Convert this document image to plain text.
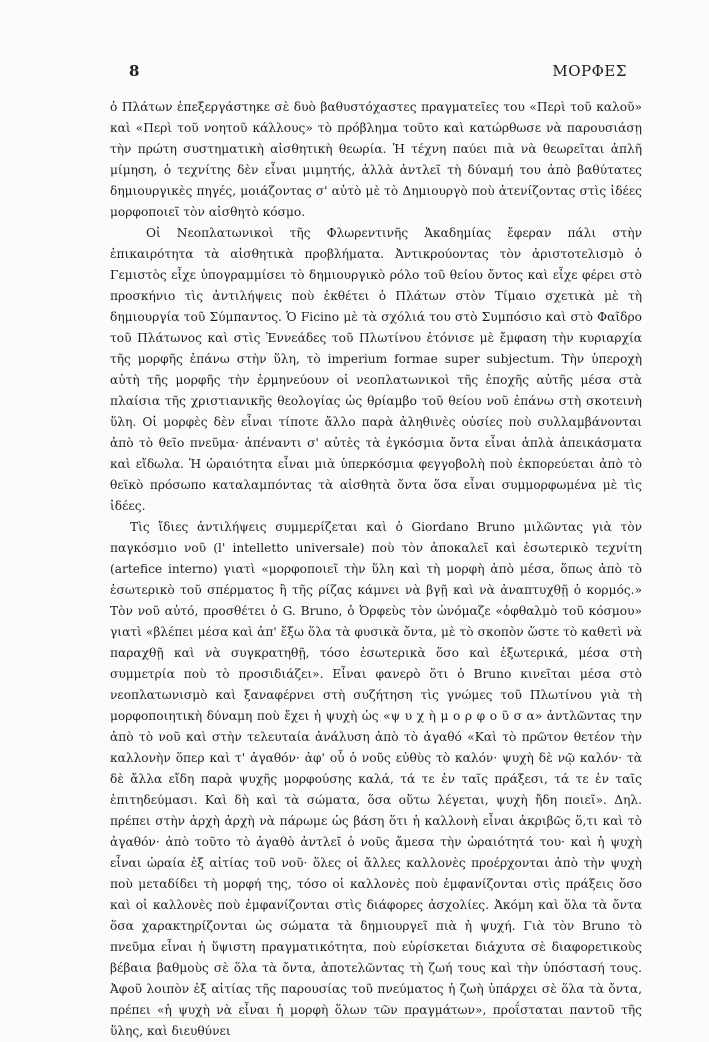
8	ΜΟΡΦΕΣ

ὁ Πλάτων ἐπεξεργάστηκε σὲ δυὸ βαθυστόχαστες πραγματεῖες του «Περὶ τοῦ καλοῦ» καὶ «Περὶ τοῦ νοητοῦ κάλλους» τὸ πρόβλημα τοῦτο καὶ κατώρθωσε νὰ παρουσιάσῃ τὴν πρώτη συστηματικὴ αἰσθητικὴ θεωρία. Ἡ τέχνη παύει πιὰ νὰ θεωρεῖται ἁπλῆ μίμηση, ὁ τεχνίτης δὲν εἶναι μιμητής, ἀλλὰ ἀντλεῖ τὴ δύναμή του ἀπὸ βαθύτατες δημιουργικὲς πηγές, μοιάζοντας σ' αὐτὸ μὲ τὸ Δημιουργὸ ποὺ ἀτενίζοντας στὶς ἰδέες μορφοποιεῖ τὸν αἰσθητὸ κόσμο.

Οἱ Νεοπλατωνικοὶ τῆς Φλωρεντινῆς Ἀκαδημίας ἔφεραν πάλι στὴν ἐπικαιρότητα τὰ αἰσθητικὰ προβλήματα. Ἀντικρούοντας τὸν ἀριστοτελισμὸ ὁ Γεμιστὸς εἶχε ὑπογραμμίσει τὸ δημιουργικὸ ρόλο τοῦ θείου ὄντος καὶ εἶχε φέρει στὸ προσκήνιο τὶς ἀντιλήψεις ποὺ ἐκθέτει ὁ Πλάτων στὸν Τίμαιο σχετικὰ μὲ τὴ δημιουργία τοῦ Σύμπαντος. Ὁ Ficino μὲ τὰ σχόλιά του στὸ Συμπόσιο καὶ στὸ Φαῖδρο τοῦ Πλάτωνος καὶ στὶς Ἐννεάδες τοῦ Πλωτίνου ἐτόνισε μὲ ἔμφαση τὴν κυριαρχία τῆς μορφῆς ἐπάνω στὴν ὕλη, τὸ imperium formae super subjectum. Τὴν ὑπεροχὴ αὐτὴ τῆς μορφῆς τὴν ἑρμηνεύουν οἱ νεοπλατωνικοὶ τῆς ἐποχῆς αὐτῆς μέσα στὰ πλαίσια τῆς χριστιανικῆς θεολογίας ὡς θρίαμβο τοῦ θείου νοῦ ἐπάνω στὴ σκοτεινὴ ὕλη. Οἱ μορφὲς δὲν εἶναι τίποτε ἄλλο παρὰ ἀληθινὲς οὐσίες ποὺ συλλαμβάνονται ἀπὸ τὸ θεῖο πνεῦμα· ἀπέναντι σ' αὐτὲς τὰ ἐγκόσμια ὄντα εἶναι ἁπλὰ ἀπεικάσματα καὶ εἴδωλα. Ἡ ὡραιότητα εἶναι μιὰ ὑπερκόσμια φεγγοβολὴ ποὺ ἐκπορεύεται ἀπὸ τὸ θεϊκὸ πρόσωπο καταλαμπόντας τὰ αἰσθητὰ ὄντα ὅσα εἶναι συμμορφωμένα μὲ τὶς ἰδέες.

Τὶς ἴδιες ἀντιλήψεις συμμερίζεται καὶ ὁ Giordano Bruno μιλῶντας γιὰ τὸν παγκόσμιο νοῦ (l' intelletto universale) ποὺ τὸν ἀποκαλεῖ καὶ ἐσωτερικὸ τεχνίτη (artefice interno) γιατὶ «μορφοποιεῖ τὴν ὕλη καὶ τὴ μορφὴ ἀπὸ μέσα, ὅπως ἀπὸ τὸ ἐσωτερικὸ τοῦ σπέρματος ἢ τῆς ρίζας κάμνει νὰ βγῇ καὶ νὰ ἀναπτυχθῇ ὁ κορμός.» Τὸν νοῦ αὐτό, προσθέτει ὁ G. Bruno, ὁ Ὀρφεὺς τὸν ὠνόμαζε «ὀφθαλμὸ τοῦ κόσμου» γιατὶ «βλέπει μέσα καὶ ἀπ' ἔξω ὅλα τὰ φυσικὰ ὄντα, μὲ τὸ σκοπὸν ὥστε τὸ καθετὶ νὰ παραχθῇ καὶ νὰ συγκρατηθῇ, τόσο ἐσωτερικὰ ὅσο καὶ ἐξωτερικά, μέσα στὴ συμμετρία ποὺ τὸ προσιδιάζει». Εἶναι φανερὸ ὅτι ὁ Bruno κινεῖται μέσα στὸ νεοπλατωνισμὸ καὶ ξαναφέρνει στὴ συζήτηση τὶς γνώμες τοῦ Πλωτίνου γιὰ τὴ μορφοποιητικὴ δύναμη ποὺ ἔχει ἡ ψυχὴ ὡς «ψ υ χ ὴ μ ο ρ φ ο ῦ σ α» ἀντλῶντας την ἀπὸ τὸ νοῦ καὶ στὴν τελευταία ἀνάλυση ἀπὸ τὸ ἀγαθό «Καὶ τὸ πρῶτον θετέον τὴν καλλονὴν ὅπερ καὶ τ' ἀγαθόν· ἀφ' οὗ ὁ νοῦς εὐθὺς τὸ καλόν· ψυχὴ δὲ νῷ καλόν· τὰ δὲ ἄλλα εἴδη παρὰ ψυχῆς μορφούσης καλά, τά τε ἐν ταῖς πράξεσι, τά τε ἐν ταῖς ἐπιτηδεύμασι. Καὶ δὴ καὶ τὰ σώματα, ὅσα οὕτω λέγεται, ψυχὴ ἤδη ποιεῖ». Δηλ. πρέπει στὴν ἀρχὴ ἀρχὴ νὰ πάρωμε ὡς βάση ὅτι ἡ καλλονὴ εἶναι ἀκριβῶς ὅ,τι καὶ τὸ ἀγαθόν· ἀπὸ τοῦτο τὸ ἀγαθὸ ἀντλεῖ ὁ νοῦς ἄμεσα τὴν ὡραιότητά του· καὶ ἡ ψυχὴ εἶναι ὡραία ἐξ αἰτίας τοῦ νοῦ· ὅλες οἱ ἄλλες καλλονὲς προέρχονται ἀπὸ τὴν ψυχὴ ποὺ μεταδίδει τὴ μορφή της, τόσο οἱ καλλονὲς ποὺ ἐμφανίζονται στὶς πράξεις ὅσο καὶ οἱ καλλονὲς ποὺ ἐμφανίζονται στὶς διάφορες ἀσχολίες. Ἀκόμη καὶ ὅλα τὰ ὄντα ὅσα χαρακτηρίζονται ὡς σώματα τὰ δημιουργεῖ πιὰ ἡ ψυχή. Γιὰ τὸν Bruno τὸ πνεῦμα εἶναι ἡ ὕψιστη πραγματικότητα, ποὺ εὑρίσκεται διάχυτα σὲ διαφορετικοὺς βέβαια βαθμοὺς σὲ ὅλα τὰ ὄντα, ἀποτελῶντας τὴ ζωή τους καὶ τὴν ὑπόστασή τους. Ἀφοῦ λοιπὸν ἐξ αἰτίας τῆς παρουσίας τοῦ πνεύματος ἡ ζωὴ ὑπάρχει σὲ ὅλα τὰ ὄντα, πρέπει «ἡ ψυχὴ νὰ εἶναι ἡ μορφὴ ὅλων τῶν πραγμάτων», προΐσταται παντοῦ τῆς ὕλης, καὶ διευθύνει
